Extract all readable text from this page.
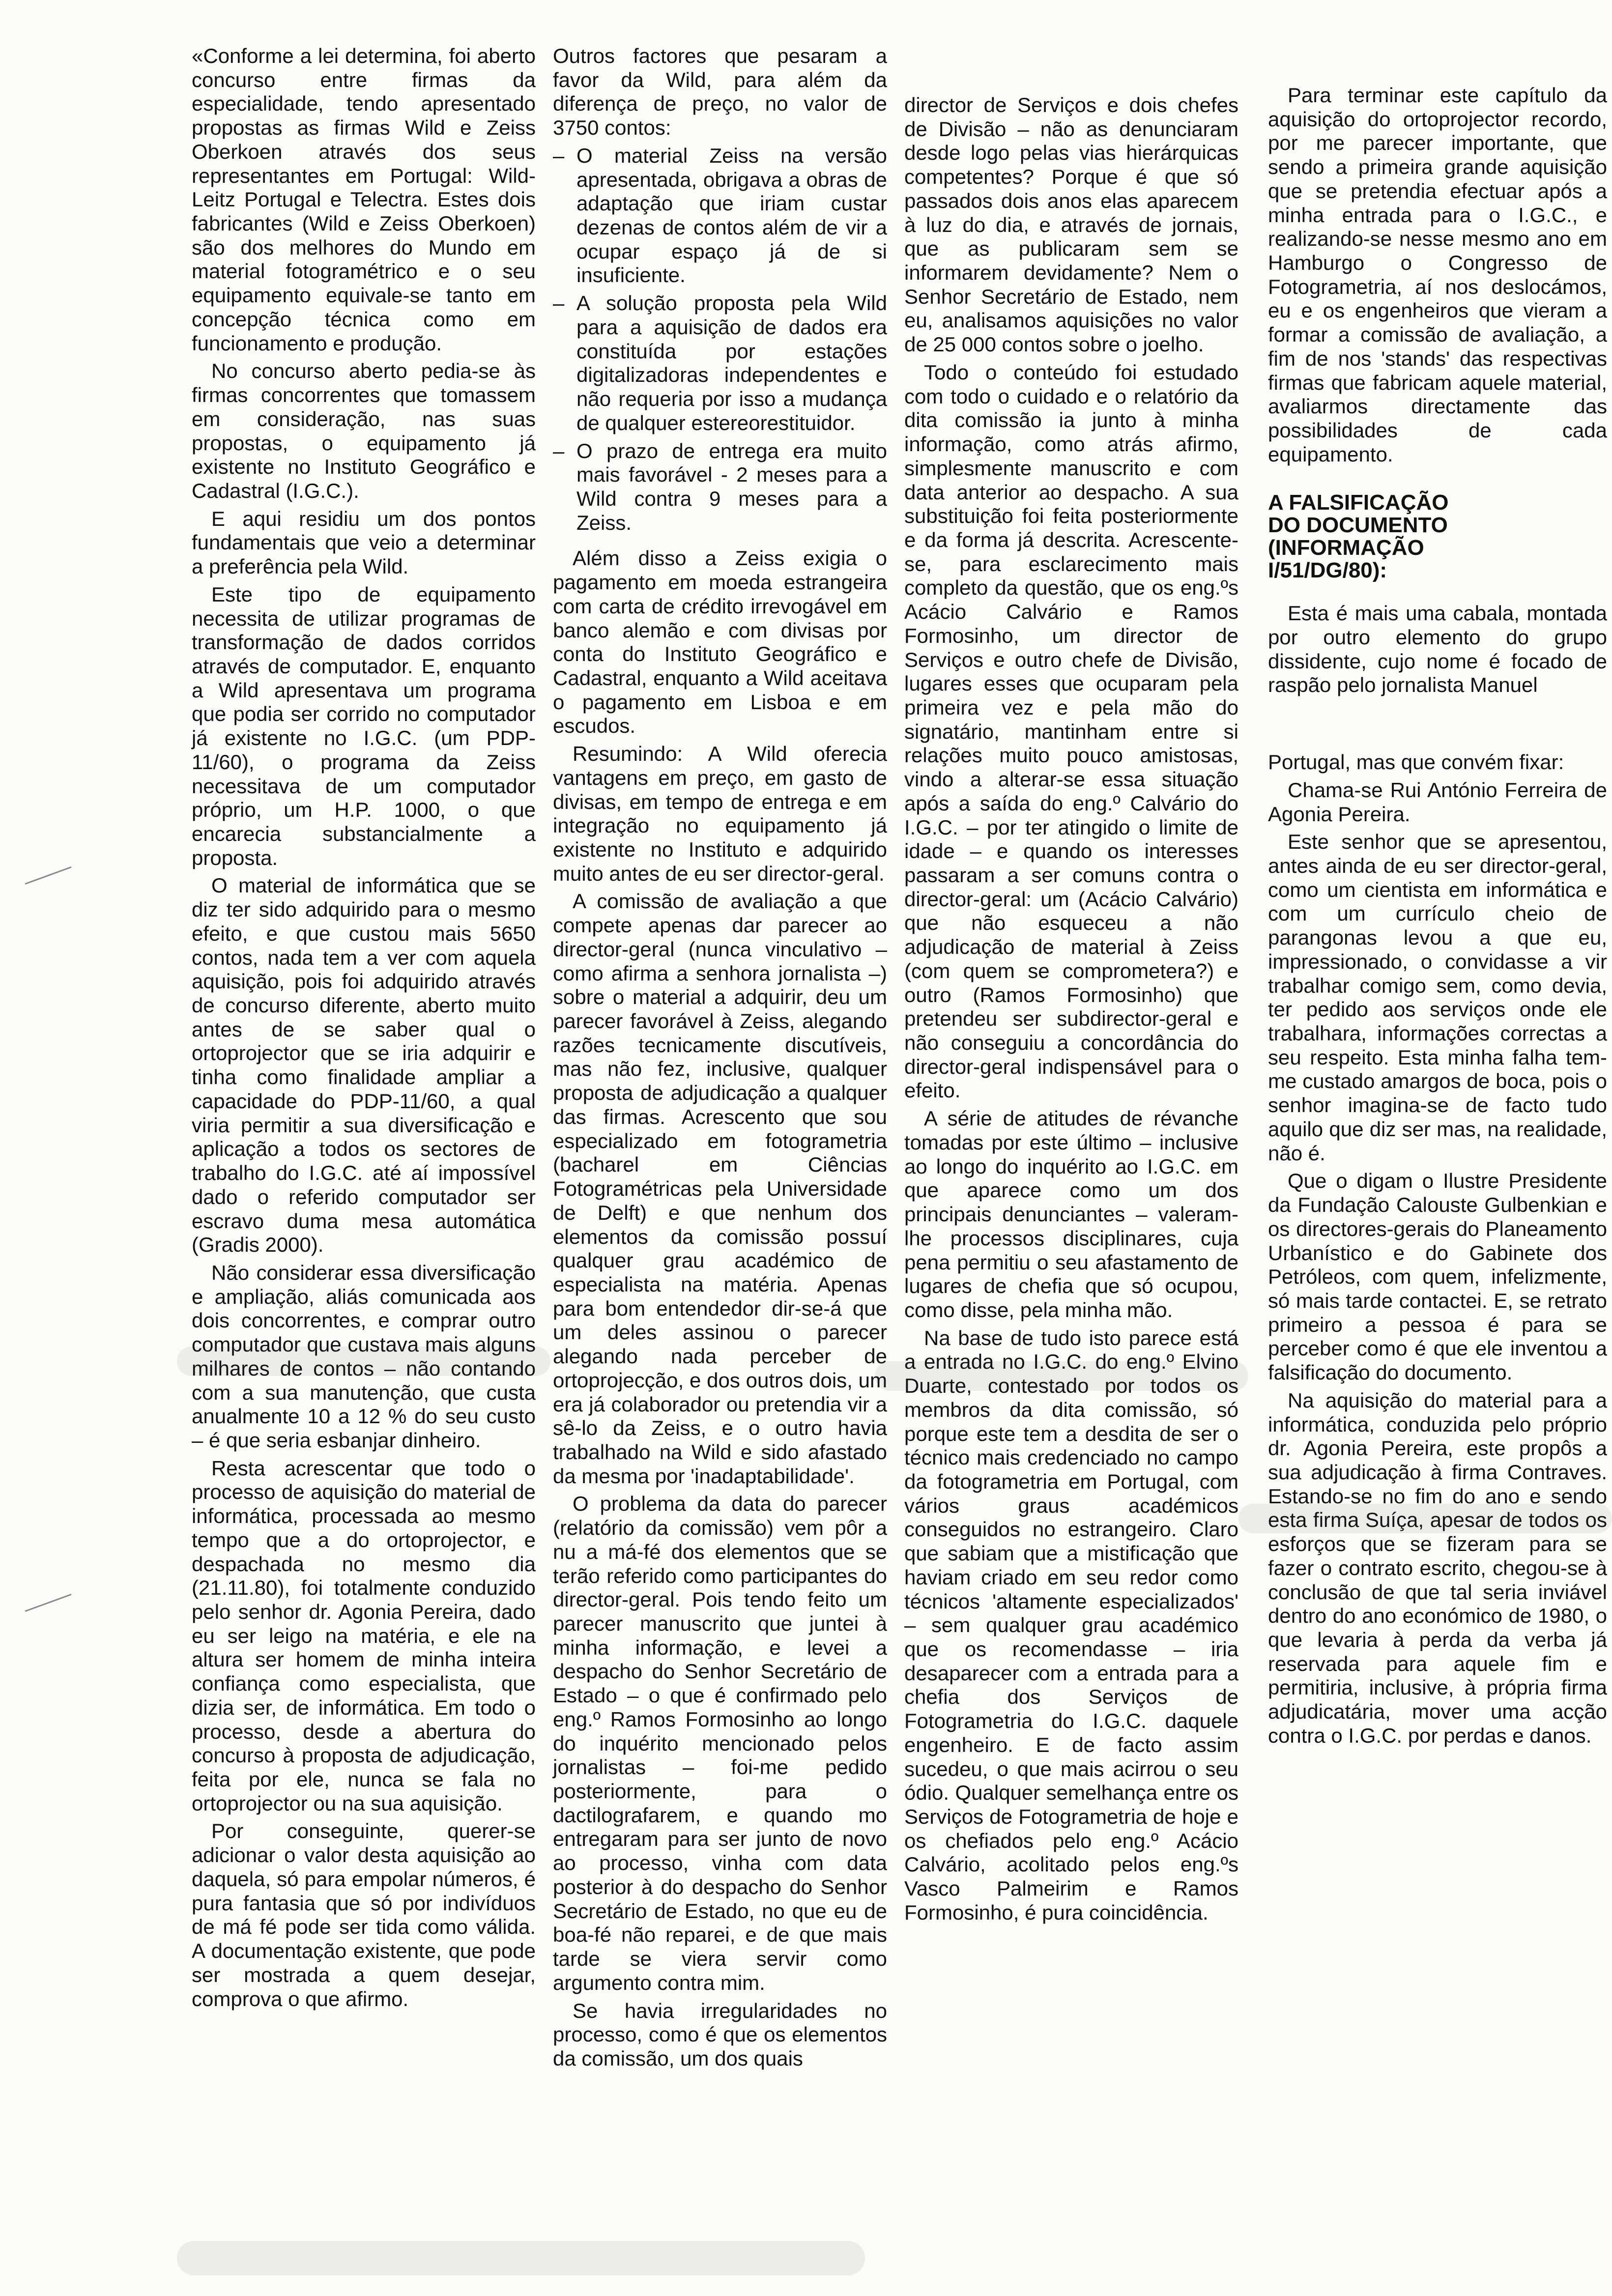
«Conforme a lei determina, foi aberto concurso entre firmas da especialidade, tendo apresentado propostas as firmas Wild e Zeiss Oberkoen através dos seus representantes em Portugal: Wild-Leitz Portugal e Telectra. Estes dois fabricantes (Wild e Zeiss Oberkoen) são dos melhores do Mundo em material fotogramétrico e o seu equipamento equivale-se tanto em concepção técnica como em funcionamento e produção.

No concurso aberto pedia-se às firmas concorrentes que tomassem em consideração, nas suas propostas, o equipamento já existente no Instituto Geográfico e Cadastral (I.G.C.).

E aqui residiu um dos pontos fundamentais que veio a determinar a preferência pela Wild.

Este tipo de equipamento necessita de utilizar programas de transformação de dados corridos através de computador. E, enquanto a Wild apresentava um programa que podia ser corrido no computador já existente no I.G.C. (um PDP-11/60), o programa da Zeiss necessitava de um computador próprio, um H.P. 1000, o que encarecia substancialmente a proposta.

O material de informática que se diz ter sido adquirido para o mesmo efeito, e que custou mais 5650 contos, nada tem a ver com aquela aquisição, pois foi adquirido através de concurso diferente, aberto muito antes de se saber qual o ortoprojector que se iria adquirir e tinha como finalidade ampliar a capacidade do PDP-11/60, a qual viria permitir a sua diversificação e aplicação a todos os sectores de trabalho do I.G.C. até aí impossível dado o referido computador ser escravo duma mesa automática (Gradis 2000).

Não considerar essa diversificação e ampliação, aliás comunicada aos dois concorrentes, e comprar outro computador que custava mais alguns milhares de contos – não contando com a sua manutenção, que custa anualmente 10 a 12 % do seu custo – é que seria esbanjar dinheiro.

Resta acrescentar que todo o processo de aquisição do material de informática, processada ao mesmo tempo que a do ortoprojector, e despachada no mesmo dia (21.11.80), foi totalmente conduzido pelo senhor dr. Agonia Pereira, dado eu ser leigo na matéria, e ele na altura ser homem de minha inteira confiança como especialista, que dizia ser, de informática. Em todo o processo, desde a abertura do concurso à proposta de adjudicação, feita por ele, nunca se fala no ortoprojector ou na sua aquisição.

Por conseguinte, querer-se adicionar o valor desta aquisição ao daquela, só para empolar números, é pura fantasia que só por indivíduos de má fé pode ser tida como válida. A documentação existente, que pode ser mostrada a quem desejar, comprova o que afirmo.

Outros factores que pesaram a favor da Wild, para além da diferença de preço, no valor de 3750 contos:

– O material Zeiss na versão apresentada, obrigava a obras de adaptação que iriam custar dezenas de contos além de vir a ocupar espaço já de si insuficiente.
– A solução proposta pela Wild para a aquisição de dados era constituída por estações digitalizadoras independentes e não requeria por isso a mudança de qualquer estereorestituidor.
– O prazo de entrega era muito mais favorável - 2 meses para a Wild contra 9 meses para a Zeiss.

Além disso a Zeiss exigia o pagamento em moeda estrangeira com carta de crédito irrevogável em banco alemão e com divisas por conta do Instituto Geográfico e Cadastral, enquanto a Wild aceitava o pagamento em Lisboa e em escudos.

Resumindo: A Wild oferecia vantagens em preço, em gasto de divisas, em tempo de entrega e em integração no equipamento já existente no Instituto e adquirido muito antes de eu ser director-geral.

A comissão de avaliação a que compete apenas dar parecer ao director-geral (nunca vinculativo – como afirma a senhora jornalista –) sobre o material a adquirir, deu um parecer favorável à Zeiss, alegando razões tecnicamente discutíveis, mas não fez, inclusive, qualquer proposta de adjudicação a qualquer das firmas. Acrescento que sou especializado em fotogrametria (bacharel em Ciências Fotogramétricas pela Universidade de Delft) e que nenhum dos elementos da comissão possuí qualquer grau académico de especialista na matéria. Apenas para bom entendedor dir-se-á que um deles assinou o parecer alegando nada perceber de ortoprojecção, e dos outros dois, um era já colaborador ou pretendia vir a sê-lo da Zeiss, e o outro havia trabalhado na Wild e sido afastado da mesma por 'inadaptabilidade'.

O problema da data do parecer (relatório da comissão) vem pôr a nu a má-fé dos elementos que se terão referido como participantes do director-geral. Pois tendo feito um parecer manuscrito que juntei à minha informação, e levei a despacho do Senhor Secretário de Estado – o que é confirmado pelo eng.º Ramos Formosinho ao longo do inquérito mencionado pelos jornalistas – foi-me pedido posteriormente, para o dactilografarem, e quando mo entregaram para ser junto de novo ao processo, vinha com data posterior à do despacho do Senhor Secretário de Estado, no que eu de boa-fé não reparei, e de que mais tarde se viera servir como argumento contra mim.

Se havia irregularidades no processo, como é que os elementos da comissão, um dos quais

director de Serviços e dois chefes de Divisão – não as denunciaram desde logo pelas vias hierárquicas competentes? Porque é que só passados dois anos elas aparecem à luz do dia, e através de jornais, que as publicaram sem se informarem devidamente? Nem o Senhor Secretário de Estado, nem eu, analisamos aquisições no valor de 25 000 contos sobre o joelho.

Todo o conteúdo foi estudado com todo o cuidado e o relatório da dita comissão ia junto à minha informação, como atrás afirmo, simplesmente manuscrito e com data anterior ao despacho. A sua substituição foi feita posteriormente e da forma já descrita. Acrescente-se, para esclarecimento mais completo da questão, que os eng.ºs Acácio Calvário e Ramos Formosinho, um director de Serviços e outro chefe de Divisão, lugares esses que ocuparam pela primeira vez e pela mão do signatário, mantinham entre si relações muito pouco amistosas, vindo a alterar-se essa situação após a saída do eng.º Calvário do I.G.C. – por ter atingido o limite de idade – e quando os interesses passaram a ser comuns contra o director-geral: um (Acácio Calvário) que não esqueceu a não adjudicação de material à Zeiss (com quem se comprometera?) e outro (Ramos Formosinho) que pretendeu ser subdirector-geral e não conseguiu a concordância do director-geral indispensável para o efeito.

A série de atitudes de révanche tomadas por este último – inclusive ao longo do inquérito ao I.G.C. em que aparece como um dos principais denunciantes – valeram-lhe processos disciplinares, cuja pena permitiu o seu afastamento de lugares de chefia que só ocupou, como disse, pela minha mão.

Na base de tudo isto parece está a entrada no I.G.C. do eng.º Elvino Duarte, contestado por todos os membros da dita comissão, só porque este tem a desdita de ser o técnico mais credenciado no campo da fotogrametria em Portugal, com vários graus académicos conseguidos no estrangeiro. Claro que sabiam que a mistificação que haviam criado em seu redor como técnicos 'altamente especializados' – sem qualquer grau académico que os recomendasse – iria desaparecer com a entrada para a chefia dos Serviços de Fotogrametria do I.G.C. daquele engenheiro. E de facto assim sucedeu, o que mais acirrou o seu ódio. Qualquer semelhança entre os Serviços de Fotogrametria de hoje e os chefiados pelo eng.º Acácio Calvário, acolitado pelos eng.ºs Vasco Palmeirim e Ramos Formosinho, é pura coincidência.

Para terminar este capítulo da aquisição do ortoprojector recordo, por me parecer importante, que sendo a primeira grande aquisição que se pretendia efectuar após a minha entrada para o I.G.C., e realizando-se nesse mesmo ano em Hamburgo o Congresso de Fotogrametria, aí nos deslocámos, eu e os engenheiros que vieram a formar a comissão de avaliação, a fim de nos 'stands' das respectivas firmas que fabricam aquele material, avaliarmos directamente das possibilidades de cada equipamento.

A FALSIFICAÇÃO
DO DOCUMENTO
(INFORMAÇÃO
I/51/DG/80):

Esta é mais uma cabala, montada por outro elemento do grupo dissidente, cujo nome é focado de raspão pelo jornalista Manuel

Portugal, mas que convém fixar:

Chama-se Rui António Ferreira de Agonia Pereira.

Este senhor que se apresentou, antes ainda de eu ser director-geral, como um cientista em informática e com um currículo cheio de parangonas levou a que eu, impressionado, o convidasse a vir trabalhar comigo sem, como devia, ter pedido aos serviços onde ele trabalhara, informações correctas a seu respeito. Esta minha falha tem-me custado amargos de boca, pois o senhor imagina-se de facto tudo aquilo que diz ser mas, na realidade, não é.

Que o digam o Ilustre Presidente da Fundação Calouste Gulbenkian e os directores-gerais do Planeamento Urbanístico e do Gabinete dos Petróleos, com quem, infelizmente, só mais tarde contactei. E, se retrato primeiro a pessoa é para se perceber como é que ele inventou a falsificação do documento.

Na aquisição do material para a informática, conduzida pelo próprio dr. Agonia Pereira, este propôs a sua adjudicação à firma Contraves. Estando-se no fim do ano e sendo esta firma Suíça, apesar de todos os esforços que se fizeram para se fazer o contrato escrito, chegou-se à conclusão de que tal seria inviável dentro do ano económico de 1980, o que levaria à perda da verba já reservada para aquele fim e permitiria, inclusive, à própria firma adjudicatária, mover uma acção contra o I.G.C. por perdas e danos.
